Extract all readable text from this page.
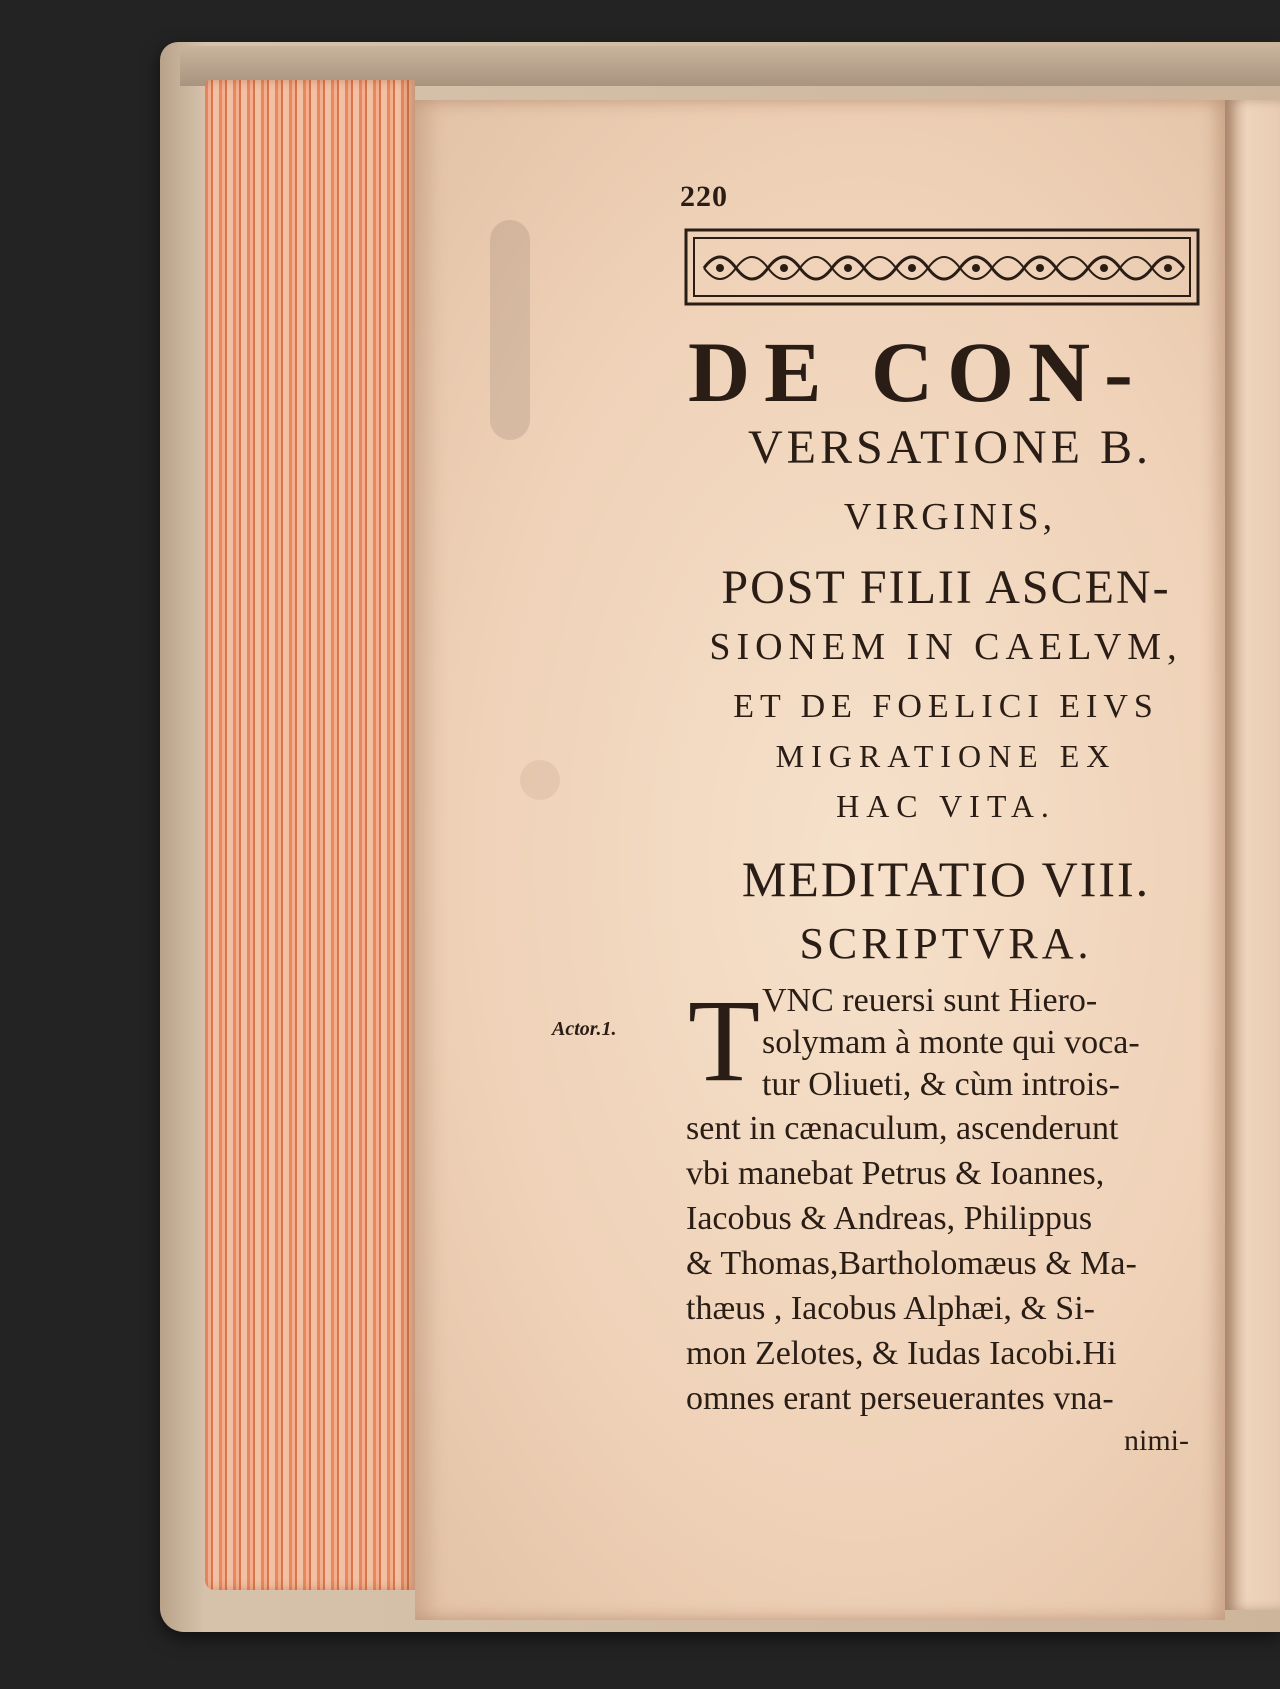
220
DE CON-
VERSATIONE B.
VIRGINIS,
POST FILII ASCEN-
SIONEM IN CAELVM,
ET DE FOELICI EIVS
MIGRATIONE EX
HAC VITA.
MEDITATIO VIII.
SCRIPTVRA.
Actor.1. T VNC reuersi sunt Hiero-
solymam à monte qui voca-
tur Oliueti, & cùm introis-
sent in cænaculum, ascenderunt
vbi manebat Petrus & Ioannes,
Iacobus & Andreas, Philippus
& Thomas,Bartholomæus & Ma-
thæus , Iacobus Alphæi, & Si-
mon Zelotes, & Iudas Iacobi.Hi
omnes erant perseuerantes vna-
nimi-
